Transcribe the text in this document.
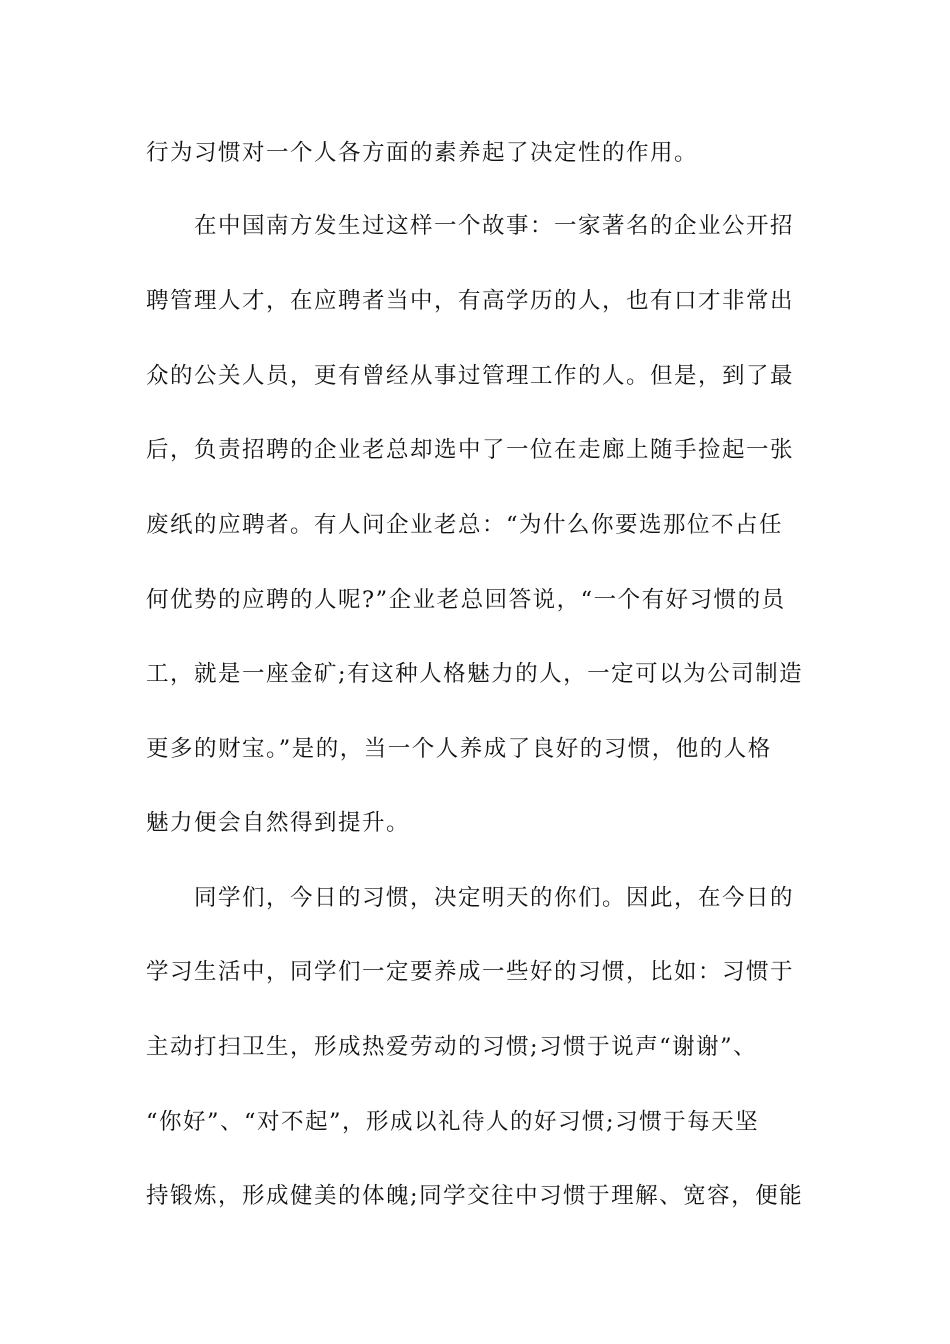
行为习惯对一个人各方面的素养起了决定性的作用。
在中国南方发生过这样一个故事：一家著名的企业公开招
聘管理人才，在应聘者当中，有高学历的人，也有口才非常出
众的公关人员，更有曾经从事过管理工作的人。但是，到了最
后，负责招聘的企业老总却选中了一位在走廊上随手捡起一张
废纸的应聘者。有人问企业老总：“为什么你要选那位不占任
何优势的应聘的人呢?”企业老总回答说，“一个有好习惯的员
工，就是一座金矿;有这种人格魅力的人，一定可以为公司制造
更多的财宝。”是的，当一个人养成了良好的习惯，他的人格
魅力便会自然得到提升。
同学们，今日的习惯，决定明天的你们。因此，在今日的
学习生活中，同学们一定要养成一些好的习惯，比如：习惯于
主动打扫卫生，形成热爱劳动的习惯;习惯于说声“谢谢”、
“你好”、“对不起”，形成以礼待人的好习惯;习惯于每天坚
持锻炼，形成健美的体魄;同学交往中习惯于理解、宽容，便能
